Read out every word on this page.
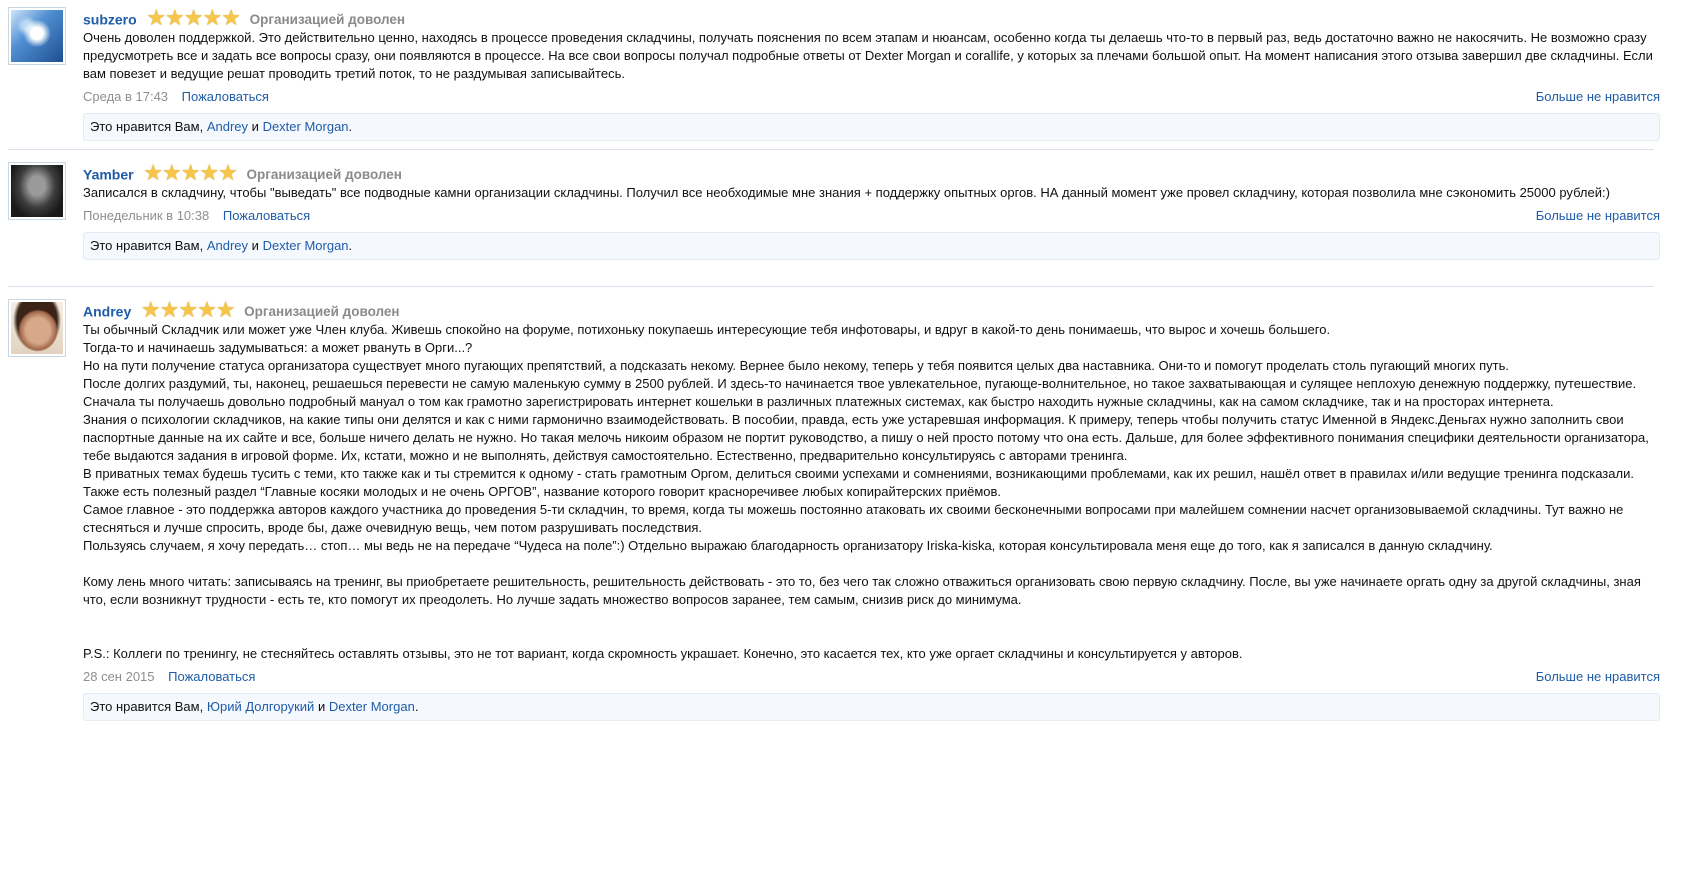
subzero ★★★★★ Организацией доволен

Очень доволен поддержкой. Это действительно ценно, находясь в процессе проведения складчины, получать пояснения по всем этапам и нюансам, особенно когда ты делаешь что-то в первый раз, ведь достаточно важно не накосячить. Не возможно сразу предусмотреть все и задать все вопросы сразу, они появляются в процессе. На все свои вопросы получал подробные ответы от Dexter Morgan и corallife, у которых за плечами большой опыт. На момент написания этого отзыва завершил две складчины. Если вам повезет и ведущие решат проводить третий поток, то не раздумывая записывайтесь.

Среда в 17:43 Пожаловаться	Больше не нравится
Это нравится Вам, Andrey и Dexter Morgan.
Yamber ★★★★★ Организацией доволен

Записался в складчину, чтобы "выведать" все подводные камни организации складчины. Получил все необходимые мне знания + поддержку опытных оргов. НА данный момент уже провел складчину, которая позволила мне сэкономить 25000 рублей:)

Понедельник в 10:38 Пожаловаться	Больше не нравится
Это нравится Вам, Andrey и Dexter Morgan.
Andrey ★★★★★ Организацией доволен

Ты обычный Складчик или может уже Член клуба. Живешь спокойно на форуме, потихоньку покупаешь интересующие тебя инфотовары, и вдруг в какой-то день понимаешь, что вырос и хочешь большего.

Тогда-то и начинаешь задумываться: а может рвануть в Орги...?

Но на пути получение статуса организатора существует много пугающих препятствий, а подсказать некому. Вернее было некому, теперь у тебя появится целых два наставника. Они-то и помогут проделать столь пугающий многих путь.

После долгих раздумий, ты, наконец, решаешься перевести не самую маленькую сумму в 2500 рублей. И здесь-то начинается твое увлекательное, пугающе-волнительное, но такое захватывающая и сулящее неплохую денежную поддержку, путешествие.

Сначала ты получаешь довольно подробный мануал о том как грамотно зарегистрировать интернет кошельки в различных платежных системах, как быстро находить нужные складчины, как на самом складчике, так и на просторах интернета.

Знания о психологии складчиков, на какие типы они делятся и как с ними гармонично взаимодействовать. В пособии, правда, есть уже устаревшая информация. К примеру, теперь чтобы получить статус Именной в Яндекс.Деньгах нужно заполнить свои паспортные данные на их сайте и все, больше ничего делать не нужно. Но такая мелочь никоим образом не портит руководство, а пишу о ней просто потому что она есть. Дальше, для более эффективного понимания специфики деятельности организатора, тебе выдаются задания в игровой форме. Их, кстати, можно и не выполнять, действуя самостоятельно. Естественно, предварительно консультируясь с авторами тренинга.

В приватных темах будешь тусить с теми, кто также как и ты стремится к одному - стать грамотным Оргом, делиться своими успехами и сомнениями, возникающими проблемами, как их решил, нашёл ответ в правилах и/или ведущие тренинга подсказали.

Также есть полезный раздел “Главные косяки молодых и не очень ОРГОВ”, название которого говорит красноречивее любых копирайтерских приёмов.

Самое главное - это поддержка авторов каждого участника до проведения 5-ти складчин, то время, когда ты можешь постоянно атаковать их своими бесконечными вопросами при малейшем сомнении насчет организовываемой складчины. Тут важно не стесняться и лучше спросить, вроде бы, даже очевидную вещь, чем потом разрушивать последствия.

Пользуясь случаем, я хочу передать… стоп… мы ведь не на передаче “Чудеса на поле”:) Отдельно выражаю благодарность организатору Iriska-kiska, которая консультировала меня еще до того, как я записался в данную складчину.

Кому лень много читать: записываясь на тренинг, вы приобретаете решительность, решительность действовать - это то, без чего так сложно отважиться организовать свою первую складчину. После, вы уже начинаете оргать одну за другой складчины, зная что, если возникнут трудности - есть те, кто помогут их преодолеть. Но лучше задать множество вопросов заранее, тем самым, снизив риск до минимума.

P.S.: Коллеги по тренингу, не стесняйтесь оставлять отзывы, это не тот вариант, когда скромность украшает. Конечно, это касается тех, кто уже оргает складчины и консультируется у авторов.

28 сен 2015 Пожаловаться	Больше не нравится
Это нравится Вам, Юрий Долгорукий и Dexter Morgan.
